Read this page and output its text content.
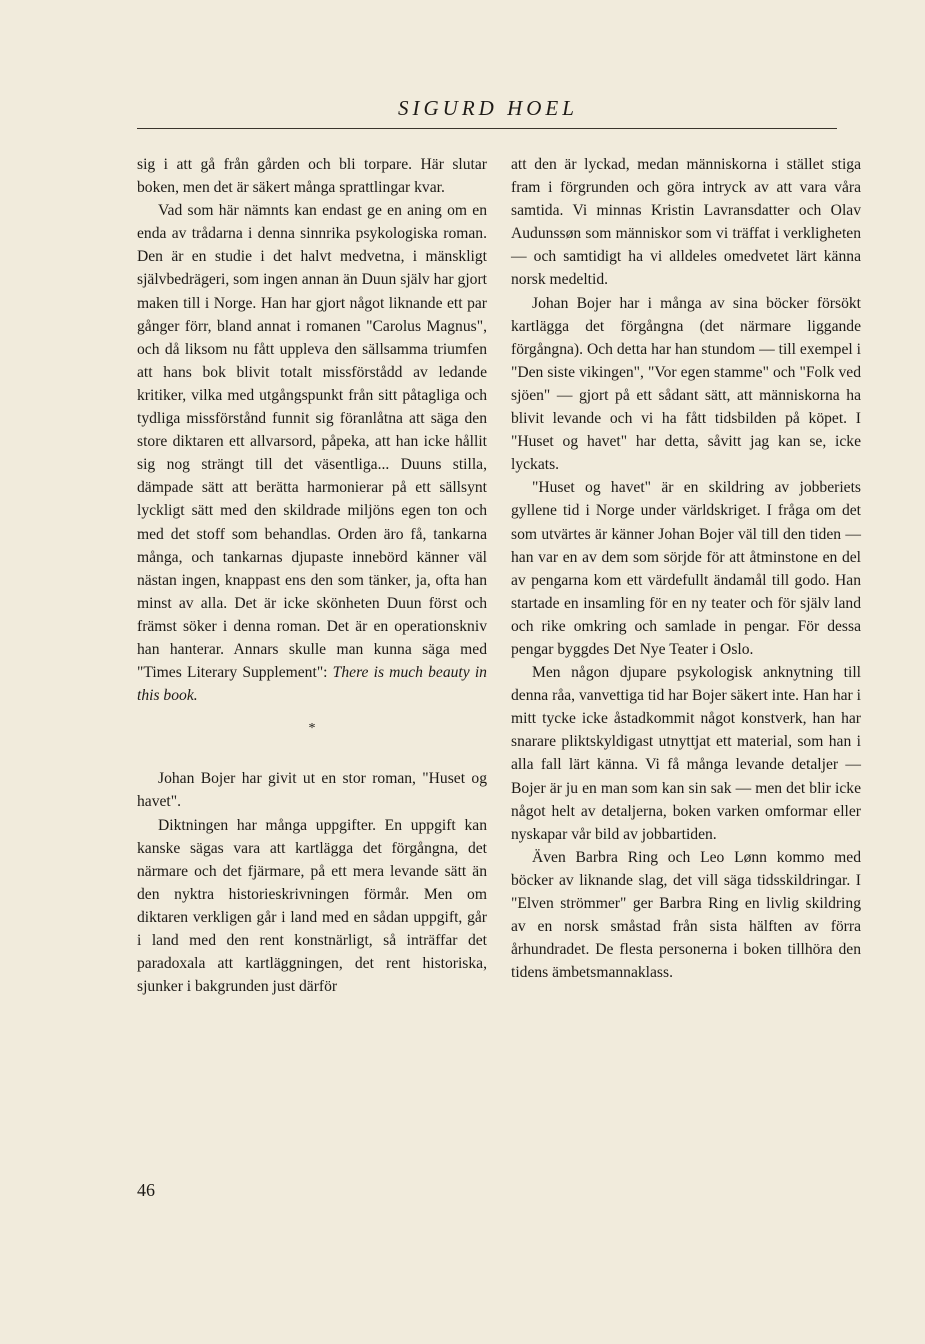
SIGURD HOEL

sig i att gå från gården och bli torpare. Här slutar boken, men det är säkert många sprattlingar kvar.

Vad som här nämnts kan endast ge en aning om en enda av trådarna i denna sinnrika psykologiska roman. Den är en studie i det halvt medvetna, i mänskligt självbedrägeri, som ingen annan än Duun själv har gjort maken till i Norge. Han har gjort något liknande ett par gånger förr, bland annat i romanen "Carolus Magnus", och då liksom nu fått uppleva den sällsamma triumfen att hans bok blivit totalt missförstådd av ledande kritiker, vilka med utgångspunkt från sitt påtagliga och tydliga missförstånd funnit sig föranlåtna att säga den store diktaren ett allvarsord, påpeka, att han icke hållit sig nog strängt till det väsentliga... Duuns stilla, dämpade sätt att berätta harmonierar på ett sällsynt lyckligt sätt med den skildrade miljöns egen ton och med det stoff som behandlas. Orden äro få, tankarna många, och tankarnas djupaste innebörd känner väl nästan ingen, knappast ens den som tänker, ja, ofta han minst av alla. Det är icke skönheten Duun först och främst söker i denna roman. Det är en operationskniv han hanterar. Annars skulle man kunna säga med "Times Literary Supplement": There is much beauty in this book.

*

Johan Bojer har givit ut en stor roman, "Huset og havet".

Diktningen har många uppgifter. En uppgift kan kanske sägas vara att kartlägga det förgångna, det närmare och det fjärmare, på ett mera levande sätt än den nyktra historieskrivningen förmår. Men om diktaren verkligen går i land med en sådan uppgift, går i land med den rent konstnärligt, så inträffar det paradoxala att kartläggningen, det rent historiska, sjunker i bakgrunden just därför

att den är lyckad, medan människorna i stället stiga fram i förgrunden och göra intryck av att vara våra samtida. Vi minnas Kristin Lavransdatter och Olav Audunssøn som människor som vi träffat i verkligheten — och samtidigt ha vi alldeles omedvetet lärt känna norsk medeltid.

Johan Bojer har i många av sina böcker försökt kartlägga det förgångna (det närmare liggande förgångna). Och detta har han stundom — till exempel i "Den siste vikingen", "Vor egen stamme" och "Folk ved sjöen" — gjort på ett sådant sätt, att människorna ha blivit levande och vi ha fått tidsbilden på köpet. I "Huset og havet" har detta, såvitt jag kan se, icke lyckats.

"Huset og havet" är en skildring av jobberiets gyllene tid i Norge under världskriget. I fråga om det som utvärtes är känner Johan Bojer väl till den tiden — han var en av dem som sörjde för att åtminstone en del av pengarna kom ett värdefullt ändamål till godo. Han startade en insamling för en ny teater och för själv land och rike omkring och samlade in pengar. För dessa pengar byggdes Det Nye Teater i Oslo.

Men någon djupare psykologisk anknytning till denna råa, vanvettiga tid har Bojer säkert inte. Han har i mitt tycke icke åstadkommit något konstverk, han har snarare pliktskyldigast utnyttjat ett material, som han i alla fall lärt känna. Vi få många levande detaljer — Bojer är ju en man som kan sin sak — men det blir icke något helt av detaljerna, boken varken omformar eller nyskapar vår bild av jobbartiden.

Även Barbra Ring och Leo Lønn kommo med böcker av liknande slag, det vill säga tidsskildringar. I "Elven strömmer" ger Barbra Ring en livlig skildring av en norsk småstad från sista hälften av förra århundradet. De flesta personerna i boken tillhöra den tidens ämbetsmannaklass.

46
